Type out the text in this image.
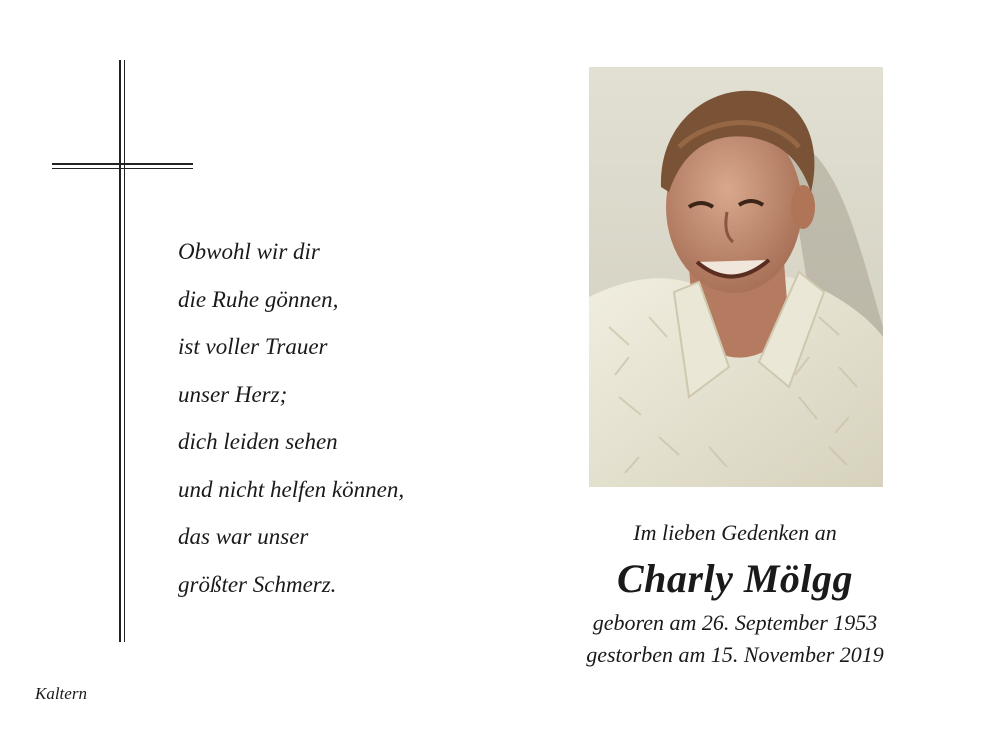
Obwohl wir dir
die Ruhe gönnen,
ist voller Trauer
unser Herz;
dich leiden sehen
und nicht helfen können,
das war unser
größter Schmerz.
Im lieben Gedenken an
Charly Mölgg
geboren am 26. September 1953
gestorben am 15. November 2019
Kaltern
